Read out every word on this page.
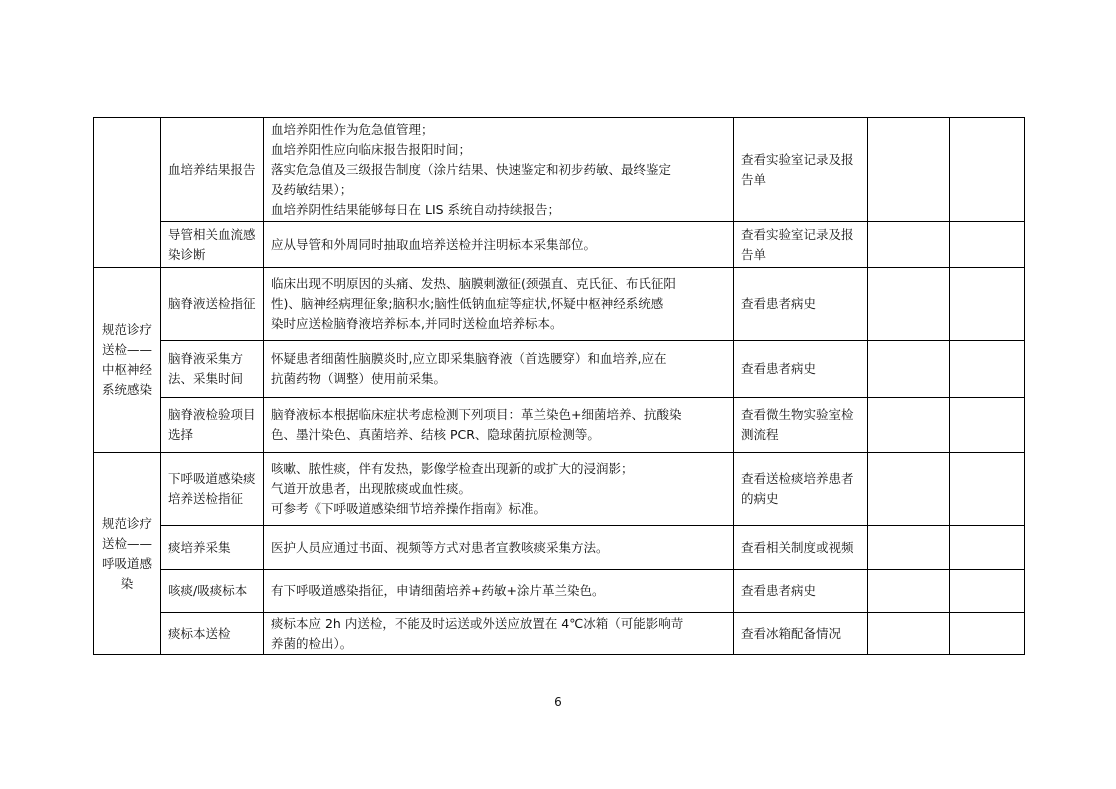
	血培养结果报告	血培养阳性作为危急值管理；
血培养阳性应向临床报告报阳时间；
落实危急值及三级报告制度（涂片结果、快速鉴定和初步药敏、最终鉴定
及药敏结果）；
血培养阴性结果能够每日在 LIS 系统自动持续报告；	查看实验室记录及报告单		
	导管相关血流感染诊断	应从导管和外周同时抽取血培养送检并注明标本采集部位。	查看实验室记录及报告单		
规范诊疗送检——中枢神经系统感染	脑脊液送检指征	临床出现不明原因的头痛、发热、脑膜刺激征(颈强直、克氏征、布氏征阳
性)、脑神经病理征象;脑积水;脑性低钠血症等症状,怀疑中枢神经系统感
染时应送检脑脊液培养标本,并同时送检血培养标本。	查看患者病史		
	脑脊液采集方法、采集时间	怀疑患者细菌性脑膜炎时,应立即采集脑脊液（首选腰穿）和血培养,应在
抗菌药物（调整）使用前采集。	查看患者病史		
	脑脊液检验项目选择	脑脊液标本根据临床症状考虑检测下列项目：革兰染色+细菌培养、抗酸染
色、墨汁染色、真菌培养、结核 PCR、隐球菌抗原检测等。	查看微生物实验室检测流程		
规范诊疗送检——呼吸道感染	下呼吸道感染痰培养送检指征	咳嗽、脓性痰，伴有发热，影像学检查出现新的或扩大的浸润影；
气道开放患者，出现脓痰或血性痰。
可参考《下呼吸道感染细节培养操作指南》标准。	查看送检痰培养患者的病史		
	痰培养采集	医护人员应通过书面、视频等方式对患者宣教咳痰采集方法。	查看相关制度或视频		
	咳痰/吸痰标本	有下呼吸道感染指征，申请细菌培养+药敏+涂片革兰染色。	查看患者病史		
	痰标本送检	痰标本应 2h 内送检，不能及时运送或外送应放置在 4℃冰箱（可能影响苛
养菌的检出）。	查看冰箱配备情况		
6
